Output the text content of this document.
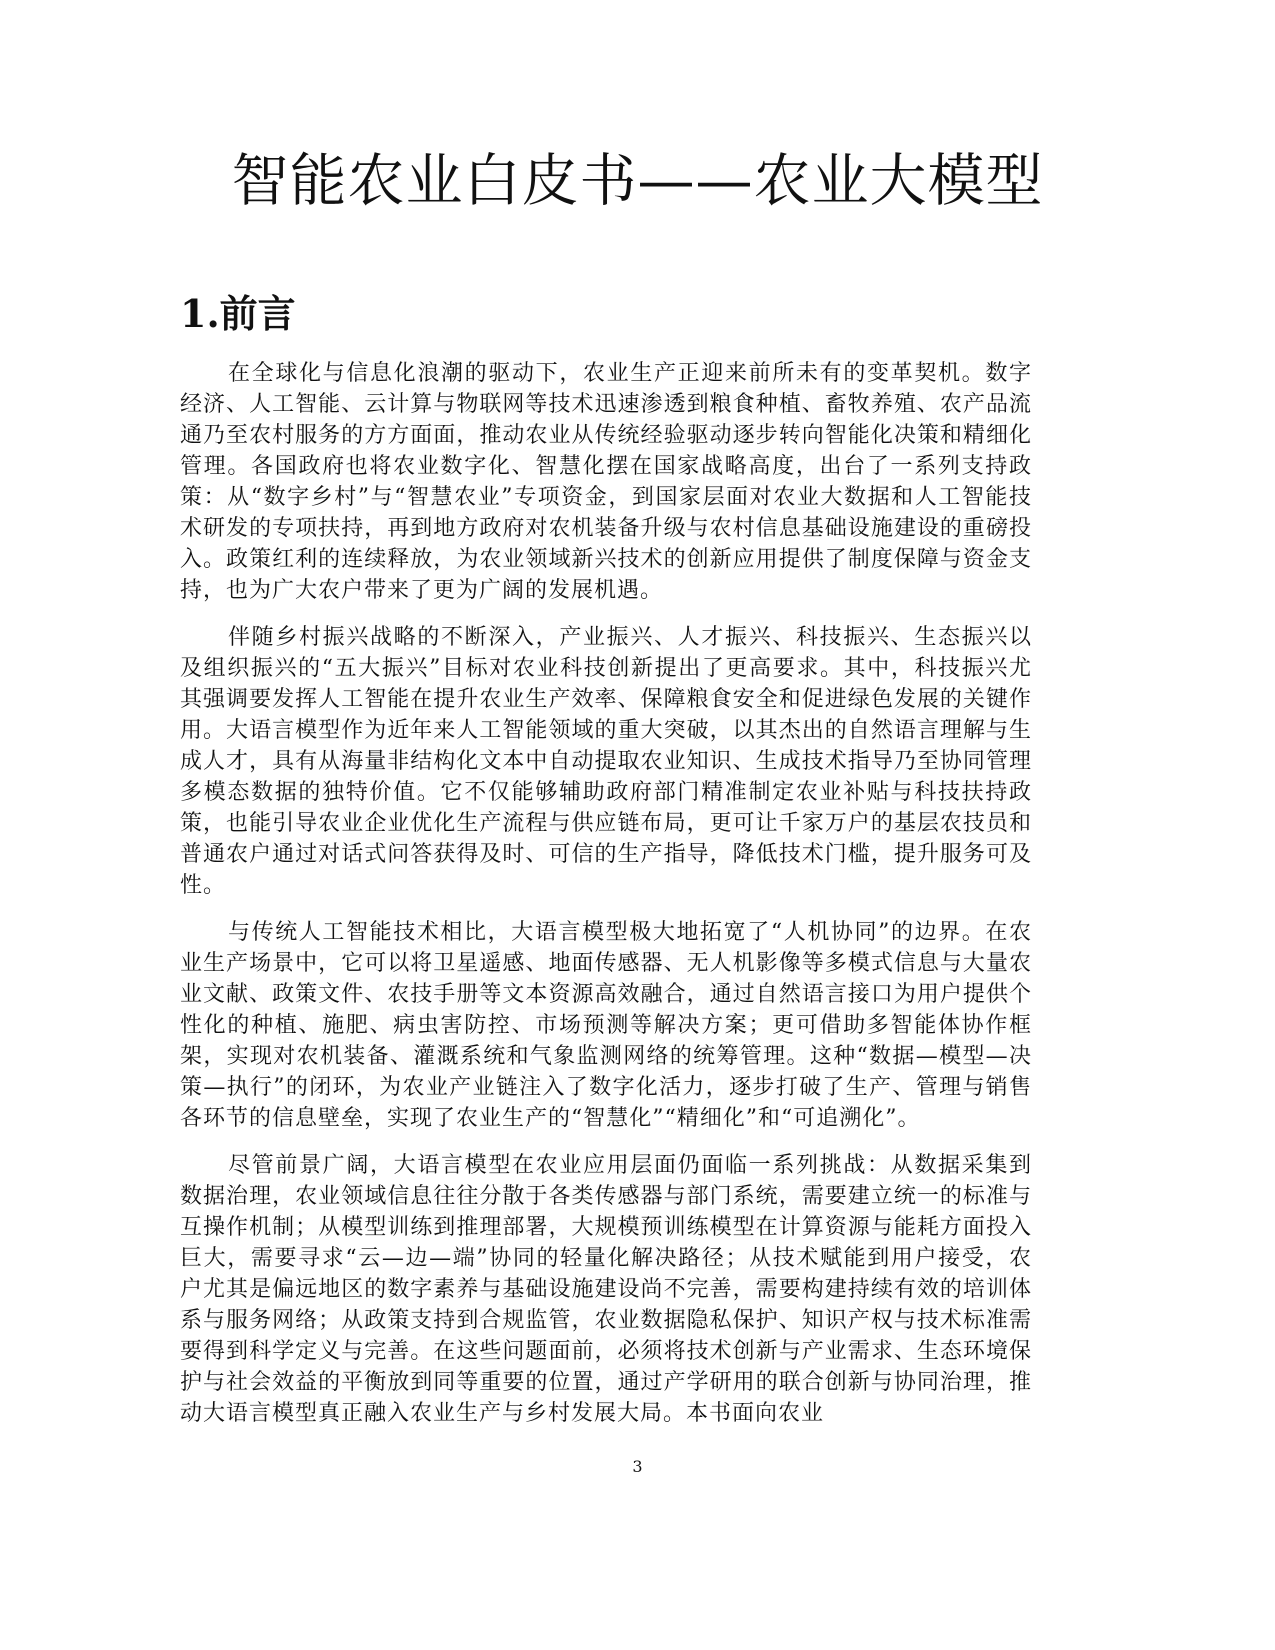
智能农业白皮书——农业大模型
1.前言

在全球化与信息化浪潮的驱动下，农业生产正迎来前所未有的变革契机。数字经济、人工智能、云计算与物联网等技术迅速渗透到粮食种植、畜牧养殖、农产品流通乃至农村服务的方方面面，推动农业从传统经验驱动逐步转向智能化决策和精细化管理。各国政府也将农业数字化、智慧化摆在国家战略高度，出台了一系列支持政策：从“数字乡村”与“智慧农业”专项资金，到国家层面对农业大数据和人工智能技术研发的专项扶持，再到地方政府对农机装备升级与农村信息基础设施建设的重磅投入。政策红利的连续释放，为农业领域新兴技术的创新应用提供了制度保障与资金支持，也为广大农户带来了更为广阔的发展机遇。

伴随乡村振兴战略的不断深入，产业振兴、人才振兴、科技振兴、生态振兴以及组织振兴的“五大振兴”目标对农业科技创新提出了更高要求。其中，科技振兴尤其强调要发挥人工智能在提升农业生产效率、保障粮食安全和促进绿色发展的关键作用。大语言模型作为近年来人工智能领域的重大突破，以其杰出的自然语言理解与生成人才，具有从海量非结构化文本中自动提取农业知识、生成技术指导乃至协同管理多模态数据的独特价值。它不仅能够辅助政府部门精准制定农业补贴与科技扶持政策，也能引导农业企业优化生产流程与供应链布局，更可让千家万户的基层农技员和普通农户通过对话式问答获得及时、可信的生产指导，降低技术门槛，提升服务可及性。

与传统人工智能技术相比，大语言模型极大地拓宽了“人机协同”的边界。在农业生产场景中，它可以将卫星遥感、地面传感器、无人机影像等多模式信息与大量农业文献、政策文件、农技手册等文本资源高效融合，通过自然语言接口为用户提供个性化的种植、施肥、病虫害防控、市场预测等解决方案；更可借助多智能体协作框架，实现对农机装备、灌溉系统和气象监测网络的统筹管理。这种“数据—模型—决策—执行”的闭环，为农业产业链注入了数字化活力，逐步打破了生产、管理与销售各环节的信息壁垒，实现了农业生产的“智慧化”“精细化”和“可追溯化”。

尽管前景广阔，大语言模型在农业应用层面仍面临一系列挑战：从数据采集到数据治理，农业领域信息往往分散于各类传感器与部门系统，需要建立统一的标准与互操作机制；从模型训练到推理部署，大规模预训练模型在计算资源与能耗方面投入巨大，需要寻求“云—边—端”协同的轻量化解决路径；从技术赋能到用户接受，农户尤其是偏远地区的数字素养与基础设施建设尚不完善，需要构建持续有效的培训体系与服务网络；从政策支持到合规监管，农业数据隐私保护、知识产权与技术标准需要得到科学定义与完善。在这些问题面前，必须将技术创新与产业需求、生态环境保护与社会效益的平衡放到同等重要的位置，通过产学研用的联合创新与协同治理，推动大语言模型真正融入农业生产与乡村发展大局。本书面向农业

3
